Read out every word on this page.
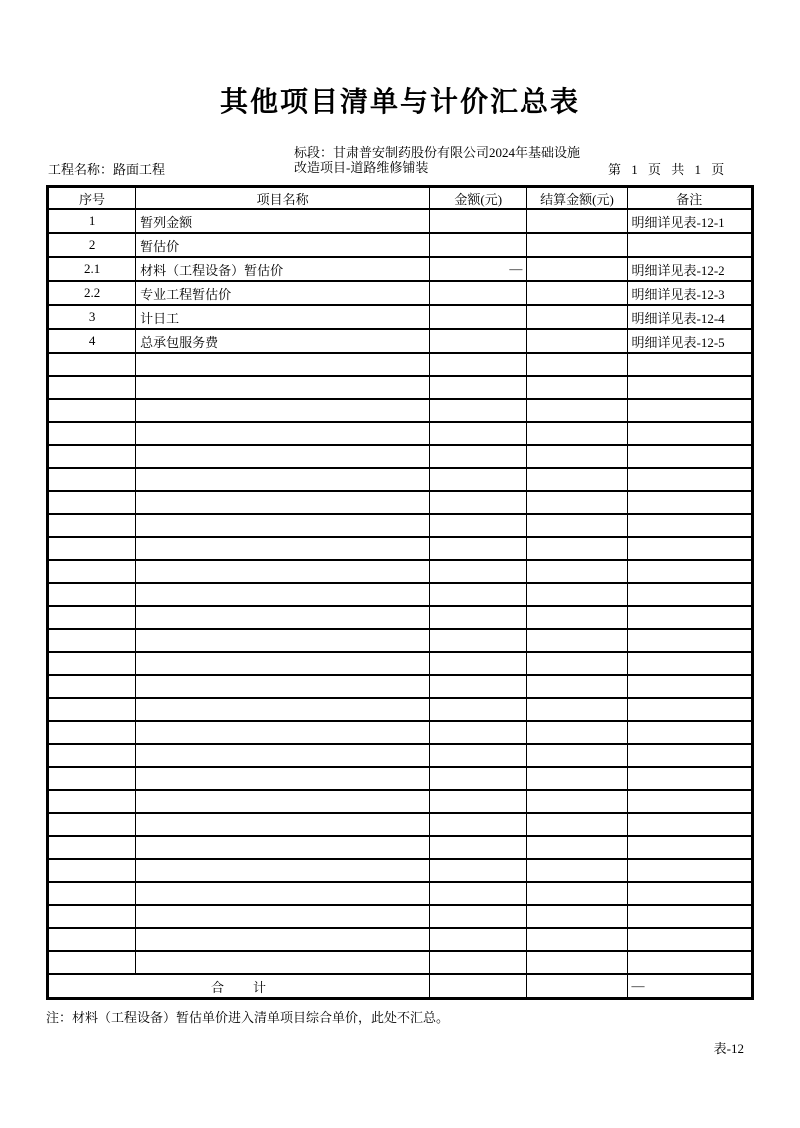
其他项目清单与计价汇总表
工程名称：路面工程
标段：甘肃普安制药股份有限公司2024年基础设施
改造项目-道路维修铺装	第 1 页 共 1 页
序号	项目名称	金额(元)	结算金额(元)	备注
1	暂列金额			明细详见表-12-1
2	暂估价			
2.1	材料（工程设备）暂估价	—		明细详见表-12-2
2.2	专业工程暂估价			明细详见表-12-3
3	计日工			明细详见表-12-4
4	总承包服务费			明细详见表-12-5

合　　计				—
注：材料（工程设备）暂估单价进入清单项目综合单价，此处不汇总。
表-12
